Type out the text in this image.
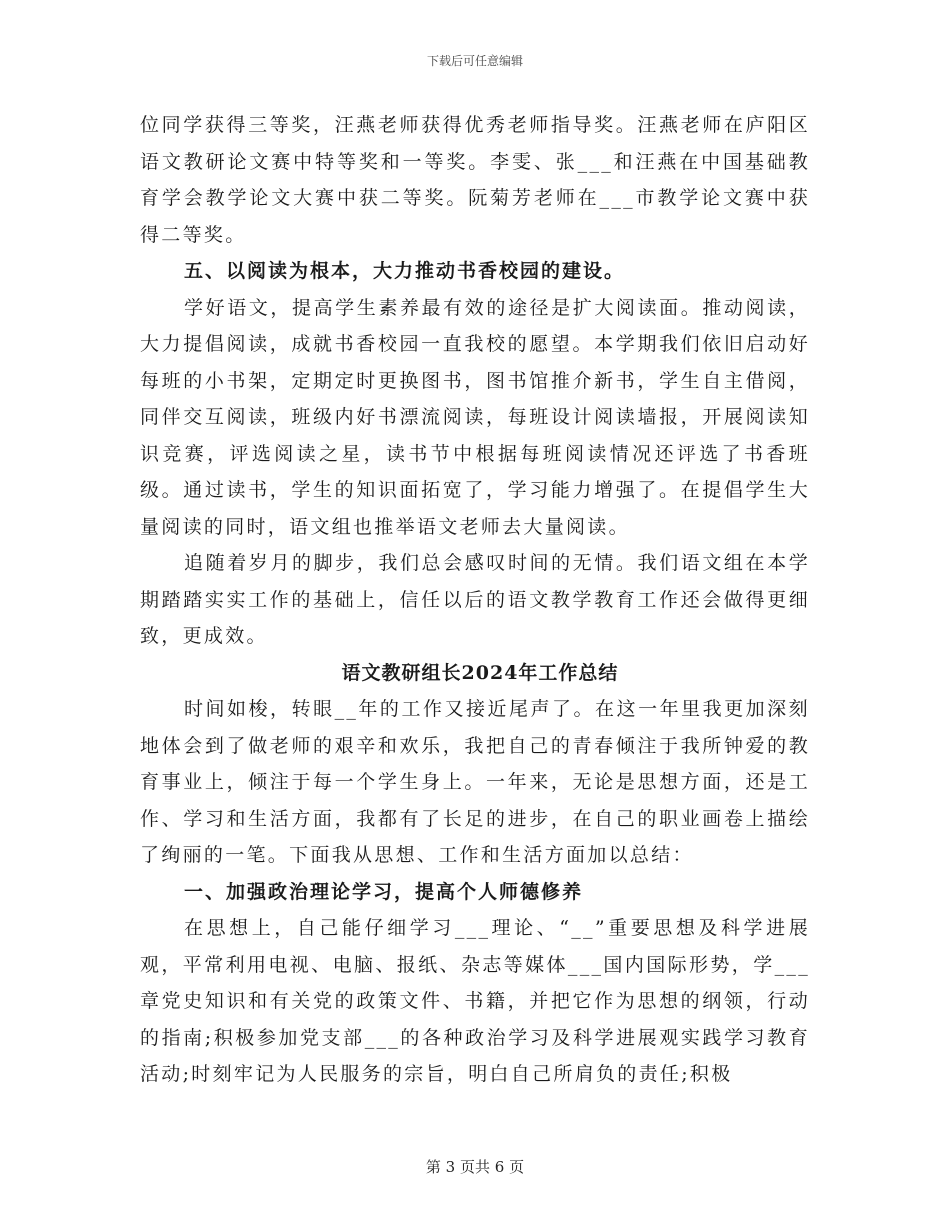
下载后可任意编辑

位同学获得三等奖，汪燕老师获得优秀老师指导奖。汪燕老师在庐阳区语文教研论文赛中特等奖和一等奖。李雯、张___和汪燕在中国基础教育学会教学论文大赛中获二等奖。阮菊芳老师在___市教学论文赛中获得二等奖。

五、以阅读为根本，大力推动书香校园的建设。

学好语文，提高学生素养最有效的途径是扩大阅读面。推动阅读，大力提倡阅读，成就书香校园一直我校的愿望。本学期我们依旧启动好每班的小书架，定期定时更换图书，图书馆推介新书，学生自主借阅，同伴交互阅读，班级内好书漂流阅读，每班设计阅读墙报，开展阅读知识竞赛，评选阅读之星，读书节中根据每班阅读情况还评选了书香班级。通过读书，学生的知识面拓宽了，学习能力增强了。在提倡学生大量阅读的同时，语文组也推举语文老师去大量阅读。

追随着岁月的脚步，我们总会感叹时间的无情。我们语文组在本学期踏踏实实工作的基础上，信任以后的语文教学教育工作还会做得更细致，更成效。

语文教研组长2024年工作总结

时间如梭，转眼__年的工作又接近尾声了。在这一年里我更加深刻地体会到了做老师的艰辛和欢乐，我把自己的青春倾注于我所钟爱的教育事业上，倾注于每一个学生身上。一年来，无论是思想方面，还是工作、学习和生活方面，我都有了长足的进步，在自己的职业画卷上描绘了绚丽的一笔。下面我从思想、工作和生活方面加以总结：

一、加强政治理论学习，提高个人师德修养

在思想上，自己能仔细学习___理论、“__”重要思想及科学进展观，平常利用电视、电脑、报纸、杂志等媒体___国内国际形势，学___章党史知识和有关党的政策文件、书籍，并把它作为思想的纲领，行动的指南;积极参加党支部___的各种政治学习及科学进展观实践学习教育活动;时刻牢记为人民服务的宗旨，明白自己所肩负的责任;积极

第 3 页共 6 页
